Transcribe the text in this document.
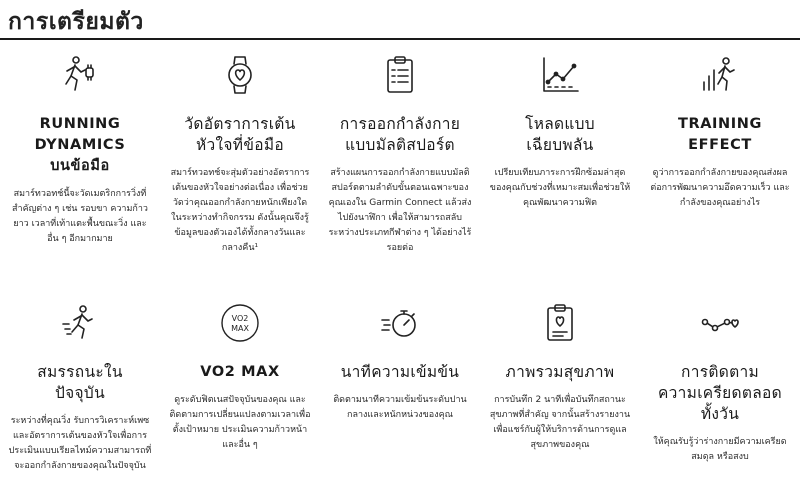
การเตรียมตัว
RUNNING DYNAMICS
บนข้อมือ
สมาร์ทวอทช์นี้จะวัดเมตริกการวิ่งที่สำคัญต่าง ๆ เช่น รอบขา ความก้าวยาว เวลาที่เท้าแตะพื้นขณะวิ่ง และอื่น ๆ อีกมากมาย
วัดอัตราการเต้น
หัวใจที่ข้อมือ
สมาร์ทวอทช์จะสุ่มตัวอย่างอัตราการเต้นของหัวใจอย่างต่อเนื่อง เพื่อช่วยวัดว่าคุณออกกำลังกายหนักเพียงใดในระหว่างทำกิจกรรม ดังนั้นคุณจึงรู้ข้อมูลของตัวเองได้ทั้งกลางวันและกลางคืน¹
การออกกำลังกาย
แบบมัลติสปอร์ต
สร้างแผนการออกกำลังกายแบบมัลติสปอร์ตตามลำดับขั้นตอนเฉพาะของคุณเองใน Garmin Connect แล้วส่งไปยังนาฬิกา เพื่อให้สามารถสลับระหว่างประเภทกีฬาต่าง ๆ ได้อย่างไร้รอยต่อ
โหลดแบบ
เฉียบพลัน
เปรียบเทียบภาระการฝึกซ้อมล่าสุดของคุณกับช่วงที่เหมาะสมเพื่อช่วยให้คุณพัฒนาความฟิต
TRAINING EFFECT
ดูว่าการออกกำลังกายของคุณส่งผลต่อการพัฒนาความอึดความเร็ว และกำลังของคุณอย่างไร
สมรรถนะใน
ปัจจุบัน
ระหว่างที่คุณวิ่ง รับการวิเคราะห์เพซและอัตราการเต้นของหัวใจเพื่อการประเมินแบบเรียลไทม์ความสามารถที่จะออกกำลังกายของคุณในปัจจุบัน
VO2
MAX
VO2 MAX
ดูระดับฟิตเนสปัจจุบันของคุณ และติดตามการเปลี่ยนแปลงตามเวลาเพื่อตั้งเป้าหมาย ประเมินความก้าวหน้าและอื่น ๆ
นาทีความเข้มข้น
ติดตามนาทีความเข้มข้นระดับปานกลางและหนักหน่วงของคุณ
ภาพรวมสุขภาพ
การบันทึก 2 นาทีเพื่อบันทึกสถานะสุขภาพที่สำคัญ จากนั้นสร้างรายงานเพื่อแชร์กับผู้ให้บริการด้านการดูแลสุขภาพของคุณ
การติดตาม
ความเครียดตลอด
ทั้งวัน
ให้คุณรับรู้ว่าร่างกายมีความเครียดสมดุล หรือสงบ
